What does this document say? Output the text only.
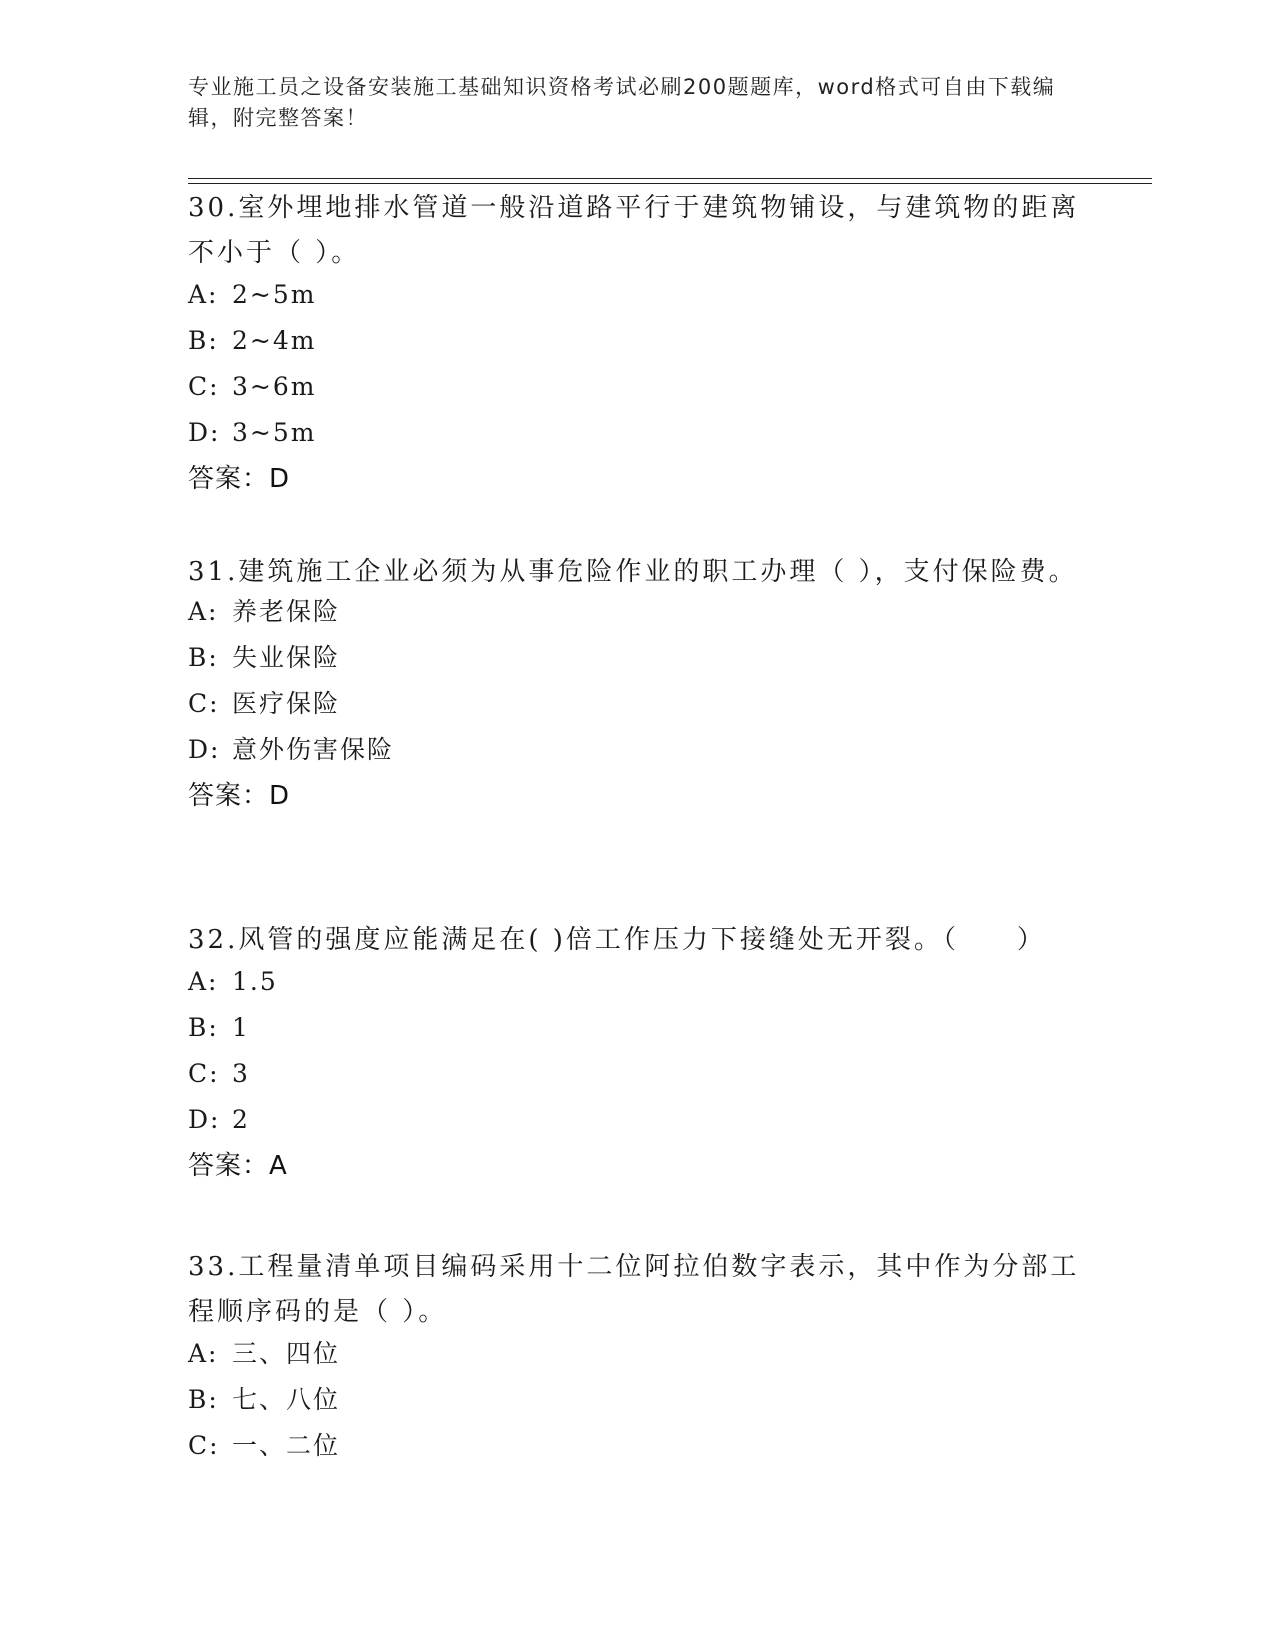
专业施工员之设备安装施工基础知识资格考试必刷200题题库，word格式可自由下载编辑，附完整答案！

30.室外埋地排水管道一般沿道路平行于建筑物铺设，与建筑物的距离不小于（ ）。

A: 2~5m

B: 2~4m

C: 3~6m

D: 3~5m

答案：D

31.建筑施工企业必须为从事危险作业的职工办理（ ），支付保险费。

A: 养老保险

B: 失业保险

C: 医疗保险

D: 意外伤害保险

答案：D

32.风管的强度应能满足在( )倍工作压力下接缝处无开裂。（　　）

A: 1.5

B: 1

C: 3

D: 2

答案：A

33.工程量清单项目编码采用十二位阿拉伯数字表示，其中作为分部工程顺序码的是（ ）。

A: 三、四位

B: 七、八位

C: 一、二位
